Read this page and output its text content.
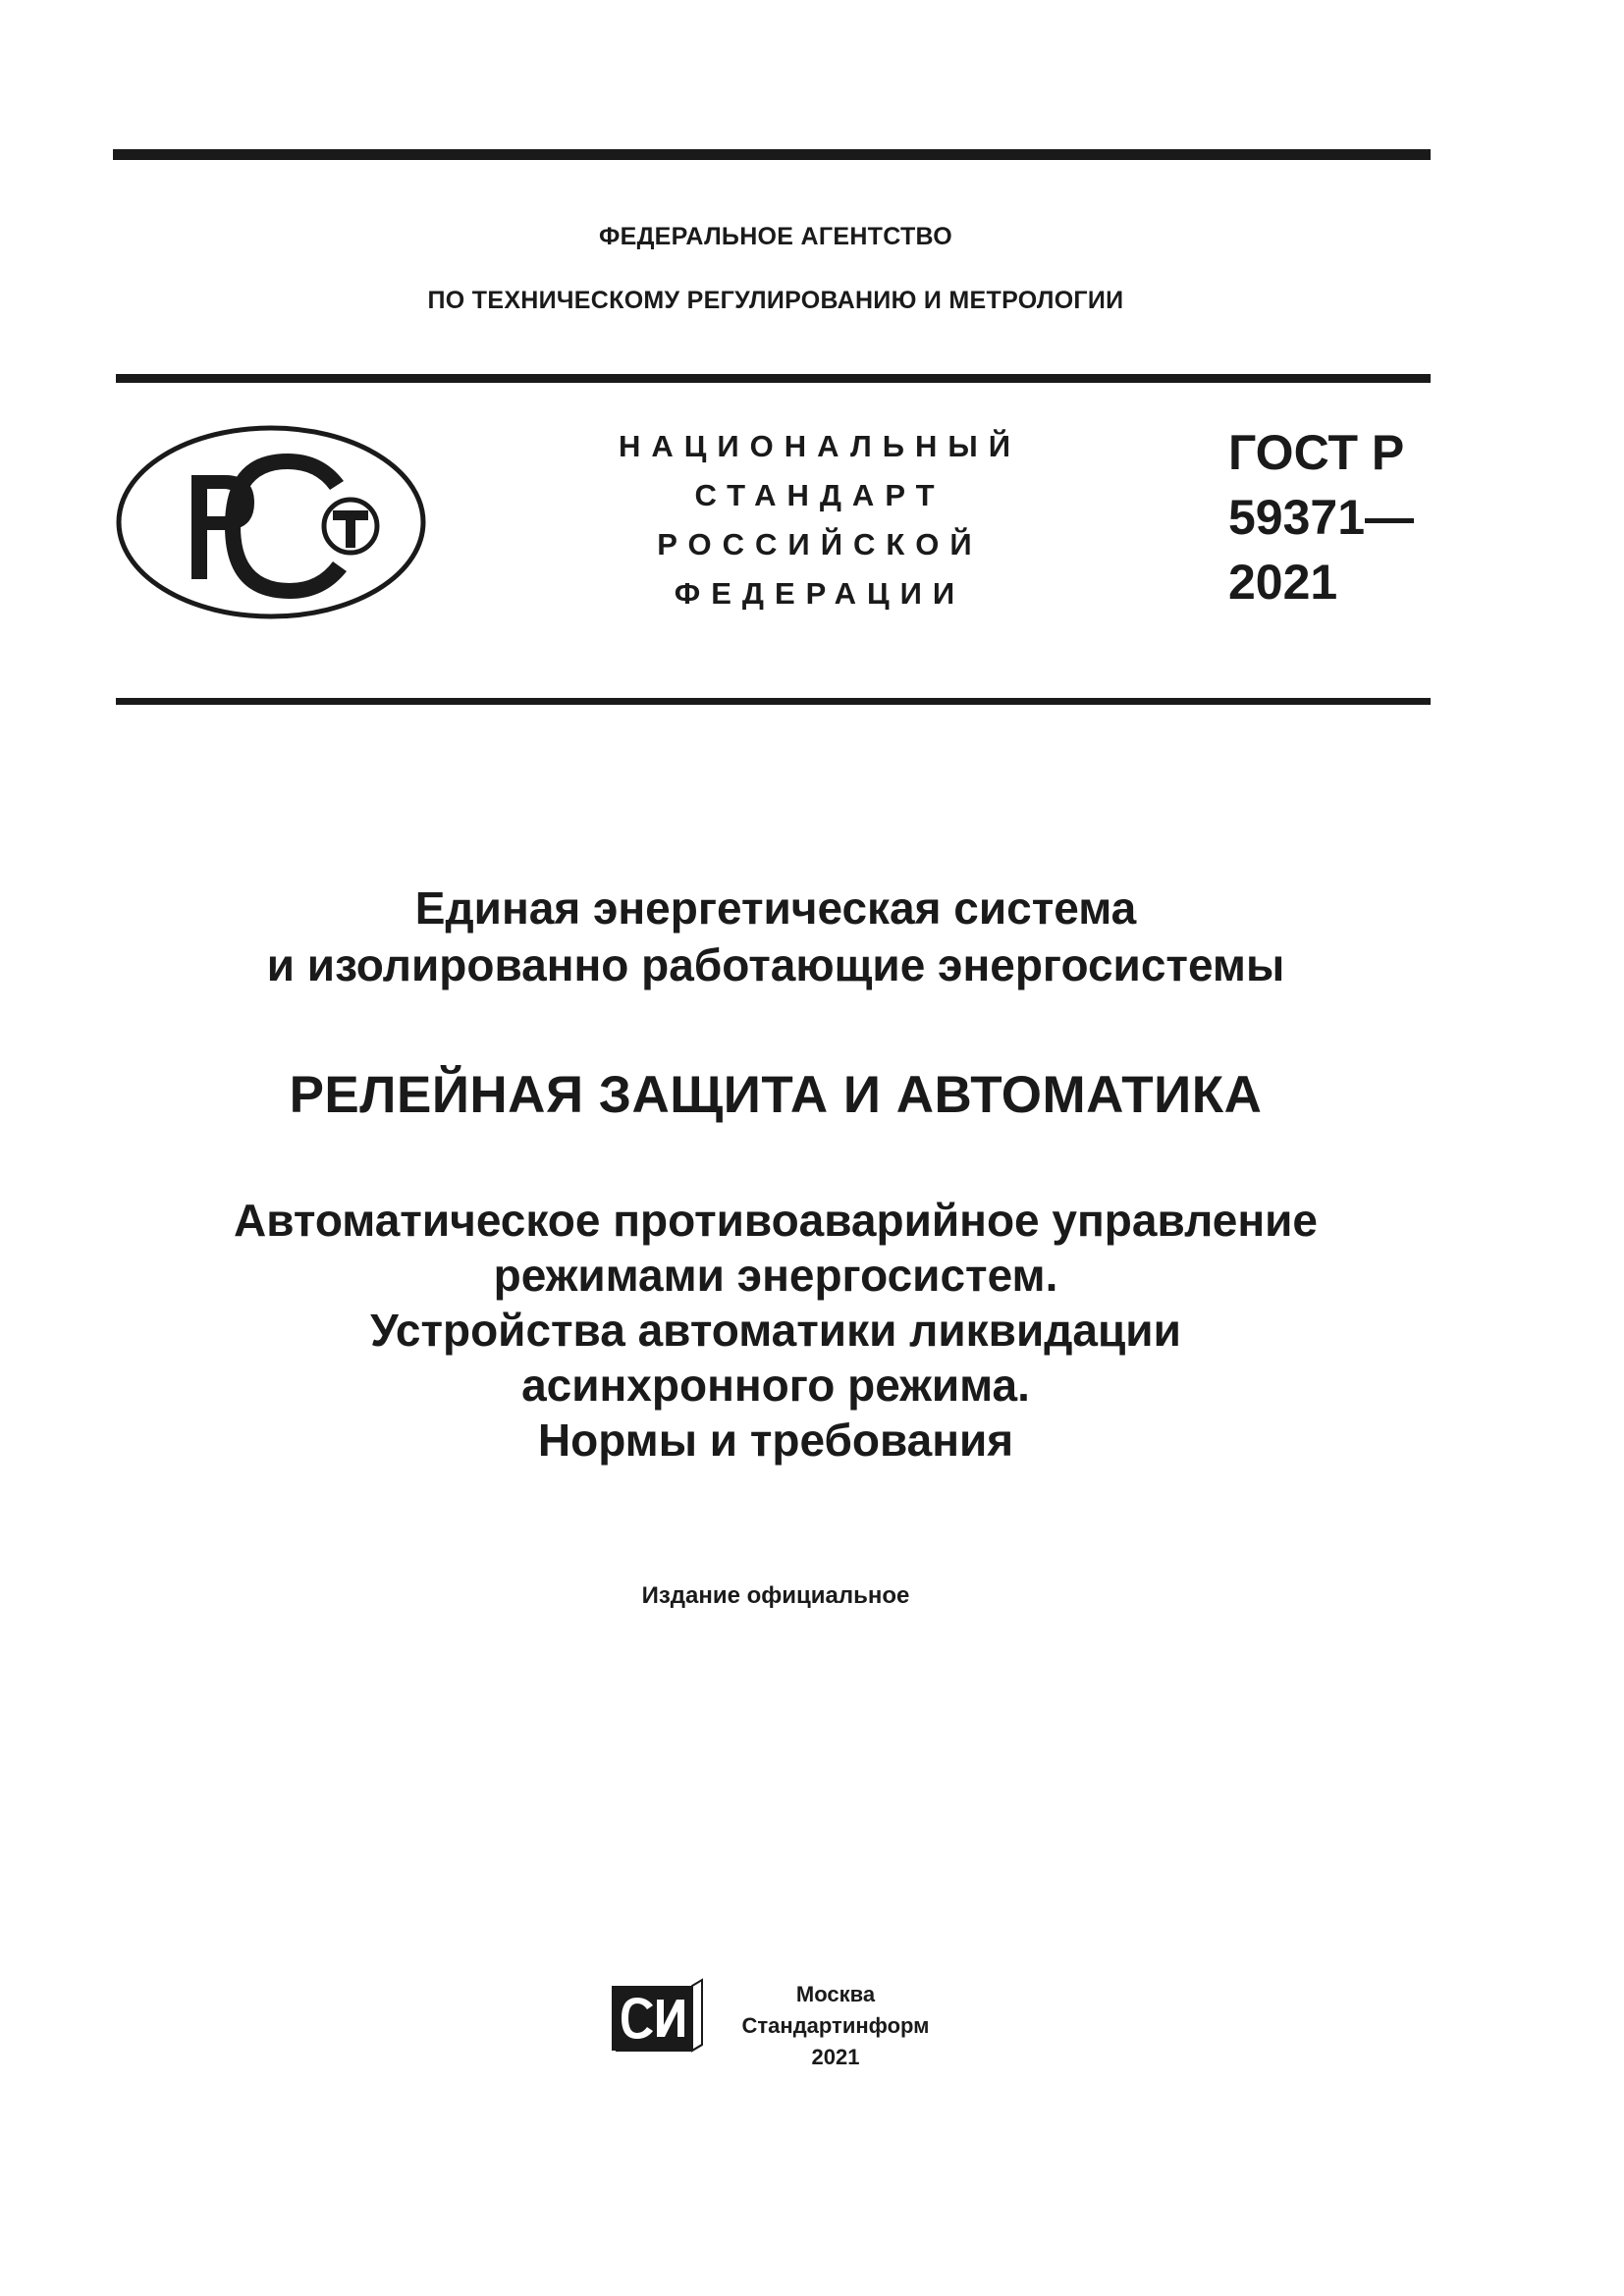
ФЕДЕРАЛЬНОЕ АГЕНТСТВО
ПО ТЕХНИЧЕСКОМУ РЕГУЛИРОВАНИЮ И МЕТРОЛОГИИ
НАЦИОНАЛЬНЫЙ
СТАНДАРТ
РОССИЙСКОЙ
ФЕДЕРАЦИИ
ГОСТ Р
59371—
2021
Единая энергетическая система
и изолированно работающие энергосистемы
РЕЛЕЙНАЯ ЗАЩИТА И АВТОМАТИКА
Автоматическое противоаварийное управление
режимами энергосистем.
Устройства автоматики ликвидации
асинхронного режима.
Нормы и требования
Издание официальное
Москва
Стандартинформ
2021
